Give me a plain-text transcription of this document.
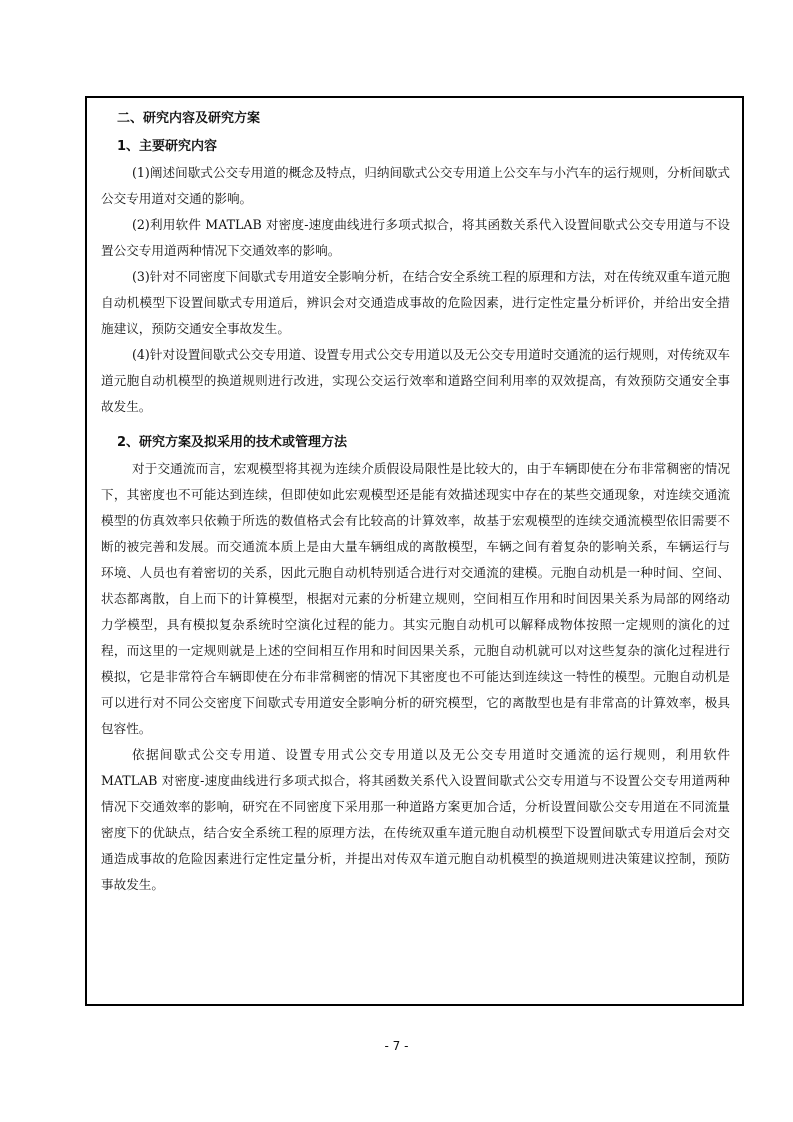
二、研究内容及研究方案
1、主要研究内容

(1)阐述间歇式公交专用道的概念及特点，归纳间歇式公交专用道上公交车与小汽车的运行规则，分析间歇式公交专用道对交通的影响。

(2)利用软件 MATLAB 对密度-速度曲线进行多项式拟合，将其函数关系代入设置间歇式公交专用道与不设置公交专用道两种情况下交通效率的影响。

(3)针对不同密度下间歇式专用道安全影响分析，在结合安全系统工程的原理和方法，对在传统双重车道元胞自动机模型下设置间歇式专用道后，辨识会对交通造成事故的危险因素，进行定性定量分析评价，并给出安全措施建议，预防交通安全事故发生。

(4)针对设置间歇式公交专用道、设置专用式公交专用道以及无公交专用道时交通流的运行规则，对传统双车道元胞自动机模型的换道规则进行改进，实现公交运行效率和道路空间利用率的双效提高，有效预防交通安全事故发生。

2、研究方案及拟采用的技术或管理方法

对于交通流而言，宏观模型将其视为连续介质假设局限性是比较大的，由于车辆即使在分布非常稠密的情况下，其密度也不可能达到连续，但即使如此宏观模型还是能有效描述现实中存在的某些交通现象，对连续交通流模型的仿真效率只依赖于所选的数值格式会有比较高的计算效率，故基于宏观模型的连续交通流模型依旧需要不断的被完善和发展。而交通流本质上是由大量车辆组成的离散模型，车辆之间有着复杂的影响关系，车辆运行与环境、人员也有着密切的关系，因此元胞自动机特别适合进行对交通流的建模。元胞自动机是一种时间、空间、状态都离散，自上而下的计算模型，根据对元素的分析建立规则，空间相互作用和时间因果关系为局部的网络动力学模型，具有模拟复杂系统时空演化过程的能力。其实元胞自动机可以解释成物体按照一定规则的演化的过程，而这里的一定规则就是上述的空间相互作用和时间因果关系，元胞自动机就可以对这些复杂的演化过程进行模拟，它是非常符合车辆即使在分布非常稠密的情况下其密度也不可能达到连续这一特性的模型。元胞自动机是可以进行对不同公交密度下间歇式专用道安全影响分析的研究模型，它的离散型也是有非常高的计算效率，极具包容性。

依据间歇式公交专用道、设置专用式公交专用道以及无公交专用道时交通流的运行规则，利用软件 MATLAB 对密度-速度曲线进行多项式拟合，将其函数关系代入设置间歇式公交专用道与不设置公交专用道两种情况下交通效率的影响，研究在不同密度下采用那一种道路方案更加合适，分析设置间歇公交专用道在不同流量密度下的优缺点，结合安全系统工程的原理方法，在传统双重车道元胞自动机模型下设置间歇式专用道后会对交通造成事故的危险因素进行定性定量分析，并提出对传双车道元胞自动机模型的换道规则进决策建议控制，预防事故发生。

- 7 -
